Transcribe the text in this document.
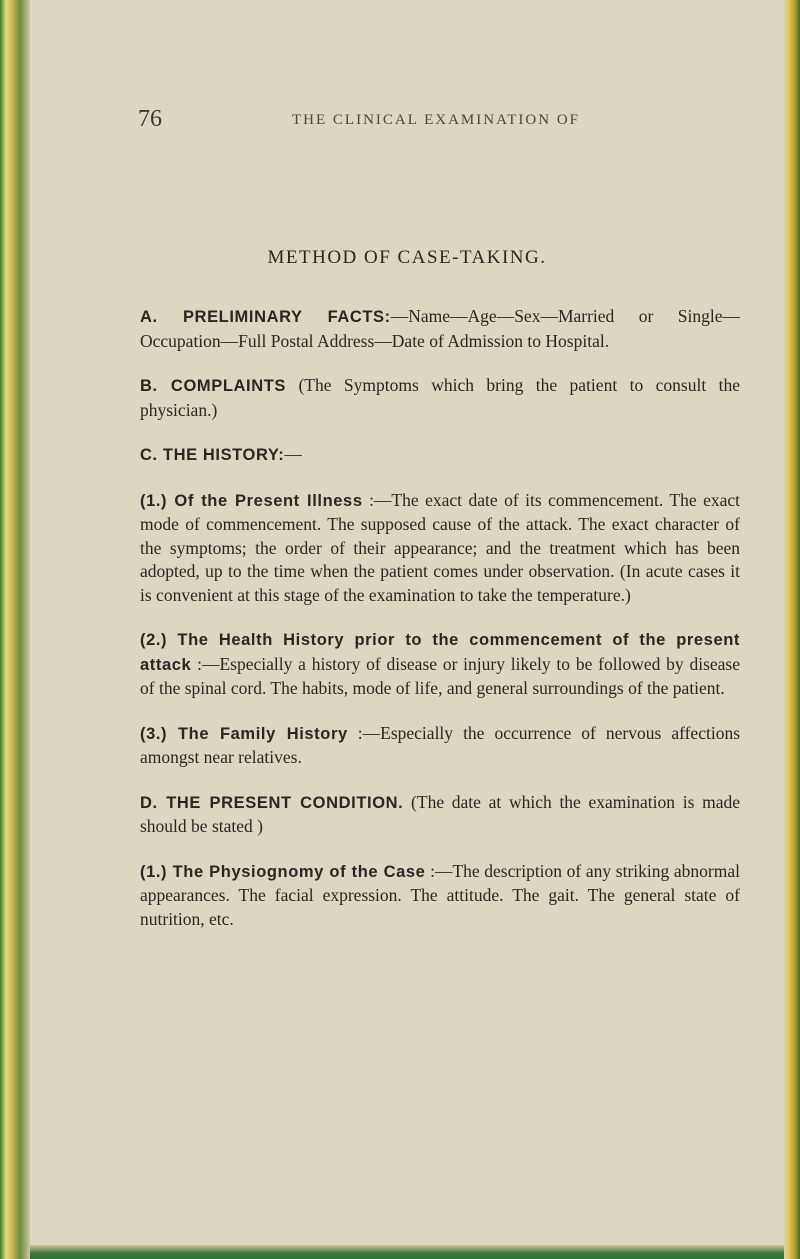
76	THE CLINICAL EXAMINATION OF
METHOD OF CASE-TAKING.

A. PRELIMINARY FACTS:—Name—Age—Sex—Married or Single—Occupation—Full Postal Address—Date of Admission to Hospital.

B. COMPLAINTS (The Symptoms which bring the patient to consult the physician.)

C. THE HISTORY:—

(1.) Of the Present Illness :—The exact date of its commencement. The exact mode of commencement. The supposed cause of the attack. The exact character of the symptoms; the order of their appearance; and the treatment which has been adopted, up to the time when the patient comes under observation. (In acute cases it is convenient at this stage of the examination to take the temperature.)

(2.) The Health History prior to the commencement of the present attack :—Especially a history of disease or injury likely to be followed by disease of the spinal cord. The habits, mode of life, and general surroundings of the patient.

(3.) The Family History :—Especially the occurrence of nervous affections amongst near relatives.

D. THE PRESENT CONDITION. (The date at which the examination is made should be stated )

(1.) The Physiognomy of the Case :—The description of any striking abnormal appearances. The facial expression. The attitude. The gait. The general state of nutrition, etc.
